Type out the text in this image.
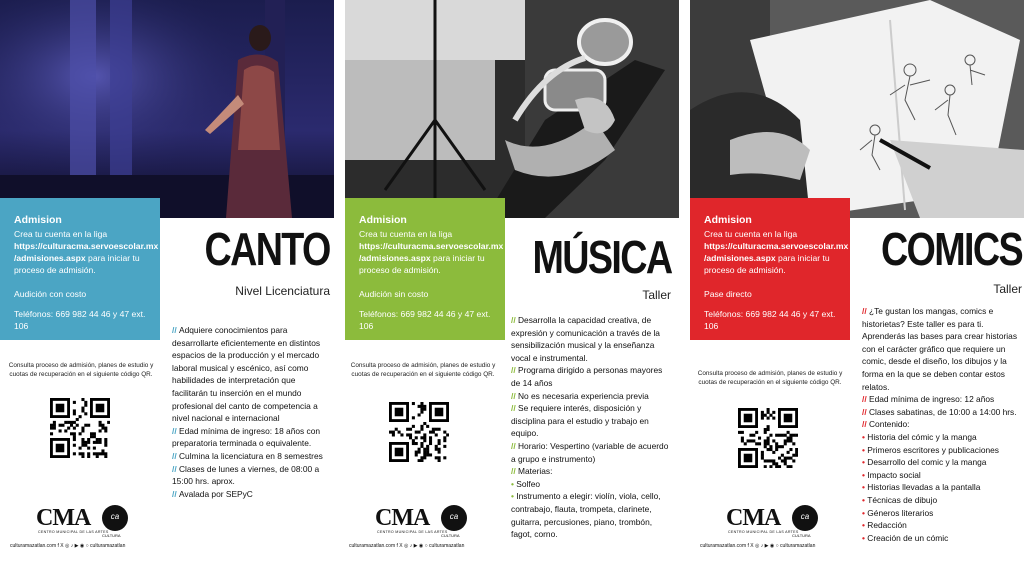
Admision
Crea tu cuenta en la liga
https://culturacma.servoescolar.mx
/admisiones.aspx para iniciar tu
proceso de admisión.
Audición con costo
Teléfonos: 669 982 44 46 y 47 ext. 106
CANTO
Nivel Licenciatura
Consulta proceso de admisión, planes de estudio y cuotas de recuperación en el siguiente código QR.
// Adquiere conocimientos para desarrollarte eficientemente en distintos espacios de la producción y el mercado laboral musical y escénico, así como habilidades de interpretación que facilitarán tu inserción en el mundo profesional del canto de competencia a nivel nacional e internacional
// Edad mínima de ingreso: 18 años con preparatoria terminada o equivalente.
// Culmina la licenciatura en 8 semestres
// Clases de lunes a viernes, de 08:00 a 15:00 hrs. aprox.
// Avalada por SEPyC
CMA
CENTRO MUNICIPAL DE LAS ARTES
ca
CULTURA
culturamazatlan.com f X ◎ ♪ ▶ ◉ ○ culturamazatlan
Admision
Crea tu cuenta en la liga
https://culturacma.servoescolar.mx
/admisiones.aspx para iniciar tu
proceso de admisión.
Audición sin costo
Teléfonos: 669 982 44 46 y 47 ext. 106
MÚSICA
Taller
Consulta proceso de admisión, planes de estudio y cuotas de recuperación en el siguiente código QR.
// Desarrolla la capacidad creativa, de expresión y comunicación a través de la sensibilización musical y la enseñanza vocal e instrumental.
// Programa dirigido a personas mayores de 14 años
// No es necesaria experiencia previa
// Se requiere interés, disposición y disciplina para el estudio y trabajo en equipo.
// Horario: Vespertino (variable de acuerdo a grupo e instrumento)
// Materias:
• Solfeo
• Instrumento a elegir: violín, viola, cello, contrabajo, flauta, trompeta, clarinete, guitarra, percusiones, piano, trombón, fagot, corno.
CMA
CENTRO MUNICIPAL DE LAS ARTES
ca
CULTURA
culturamazatlan.com f X ◎ ♪ ▶ ◉ ○ culturamazatlan
Admision
Crea tu cuenta en la liga
https://culturacma.servoescolar.mx
/admisiones.aspx para iniciar tu
proceso de admisión.
Pase directo
Teléfonos: 669 982 44 46 y 47 ext. 106
COMICS
Taller
Consulta proceso de admisión, planes de estudio y cuotas de recuperación en el siguiente código QR.
// ¿Te gustan los mangas, comics e historietas? Este taller es para ti. Aprenderás las bases para crear historias con el carácter gráfico que requiere un comic, desde el diseño, los dibujos y la forma en la que se deben contar estos relatos.
// Edad mínima de ingreso: 12 años
// Clases sabatinas, de 10:00 a 14:00 hrs.
// Contenido:
• Historia del cómic y la manga
• Primeros escritores y publicaciones
• Desarrollo del comic y la manga
• Impacto social
• Historias llevadas a la pantalla
• Técnicas de dibujo
• Géneros literarios
• Redacción
• Creación de un cómic
CMA
CENTRO MUNICIPAL DE LAS ARTES
ca
CULTURA
culturamazatlan.com f X ◎ ♪ ▶ ◉ ○ culturamazatlan
